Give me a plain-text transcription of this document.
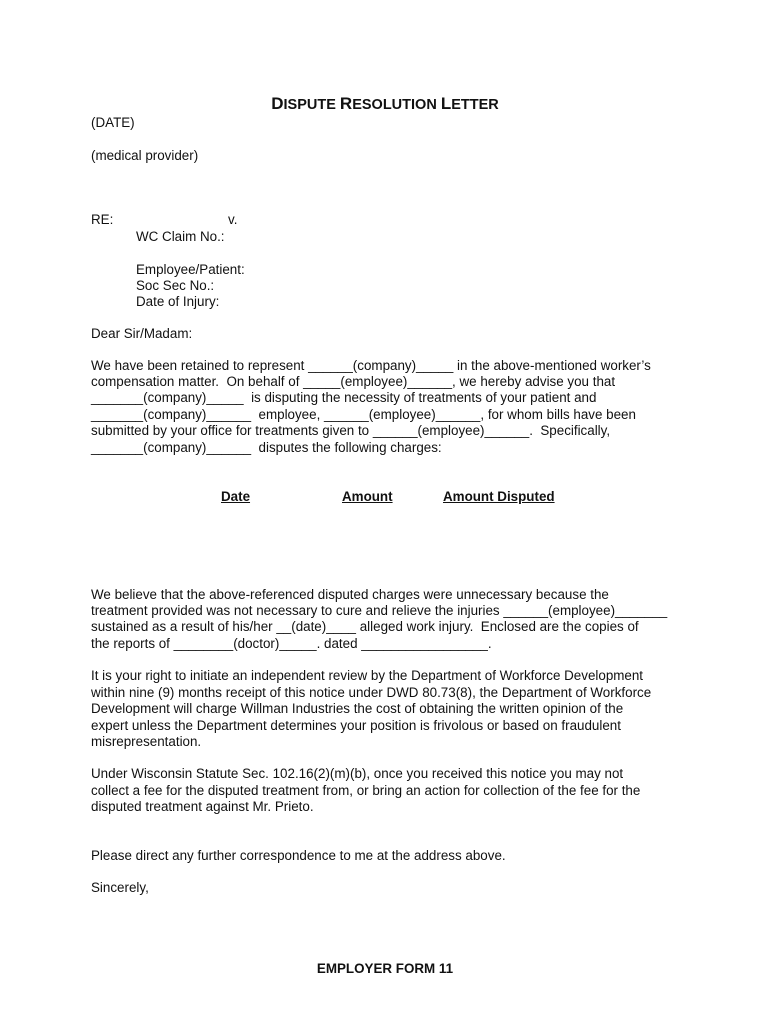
DISPUTE RESOLUTION LETTER
(DATE)
(medical provider)
RE:	v.
WC Claim No.:
Employee/Patient:
Soc Sec No.:
Date of Injury:
Dear Sir/Madam:
We have been retained to represent ______(company)_____ in the above-mentioned worker’s
compensation matter.  On behalf of _____(employee)______, we hereby advise you that
_______(company)_____  is disputing the necessity of treatments of your patient and
_______(company)______  employee, ______(employee)______, for whom bills have been
submitted by your office for treatments given to ______(employee)______.  Specifically,
_______(company)______  disputes the following charges:
Date	Amount	Amount Disputed
We believe that the above-referenced disputed charges were unnecessary because the
treatment provided was not necessary to cure and relieve the injuries ______(employee)_______
sustained as a result of his/her __(date)____ alleged work injury.  Enclosed are the copies of
the reports of ________(doctor)_____. dated _________________.
It is your right to initiate an independent review by the Department of Workforce Development
within nine (9) months receipt of this notice under DWD 80.73(8), the Department of Workforce
Development will charge Willman Industries the cost of obtaining the written opinion of the
expert unless the Department determines your position is frivolous or based on fraudulent
misrepresentation.
Under Wisconsin Statute Sec. 102.16(2)(m)(b), once you received this notice you may not
collect a fee for the disputed treatment from, or bring an action for collection of the fee for the
disputed treatment against Mr. Prieto.
Please direct any further correspondence to me at the address above.
Sincerely,
EMPLOYER FORM 11
